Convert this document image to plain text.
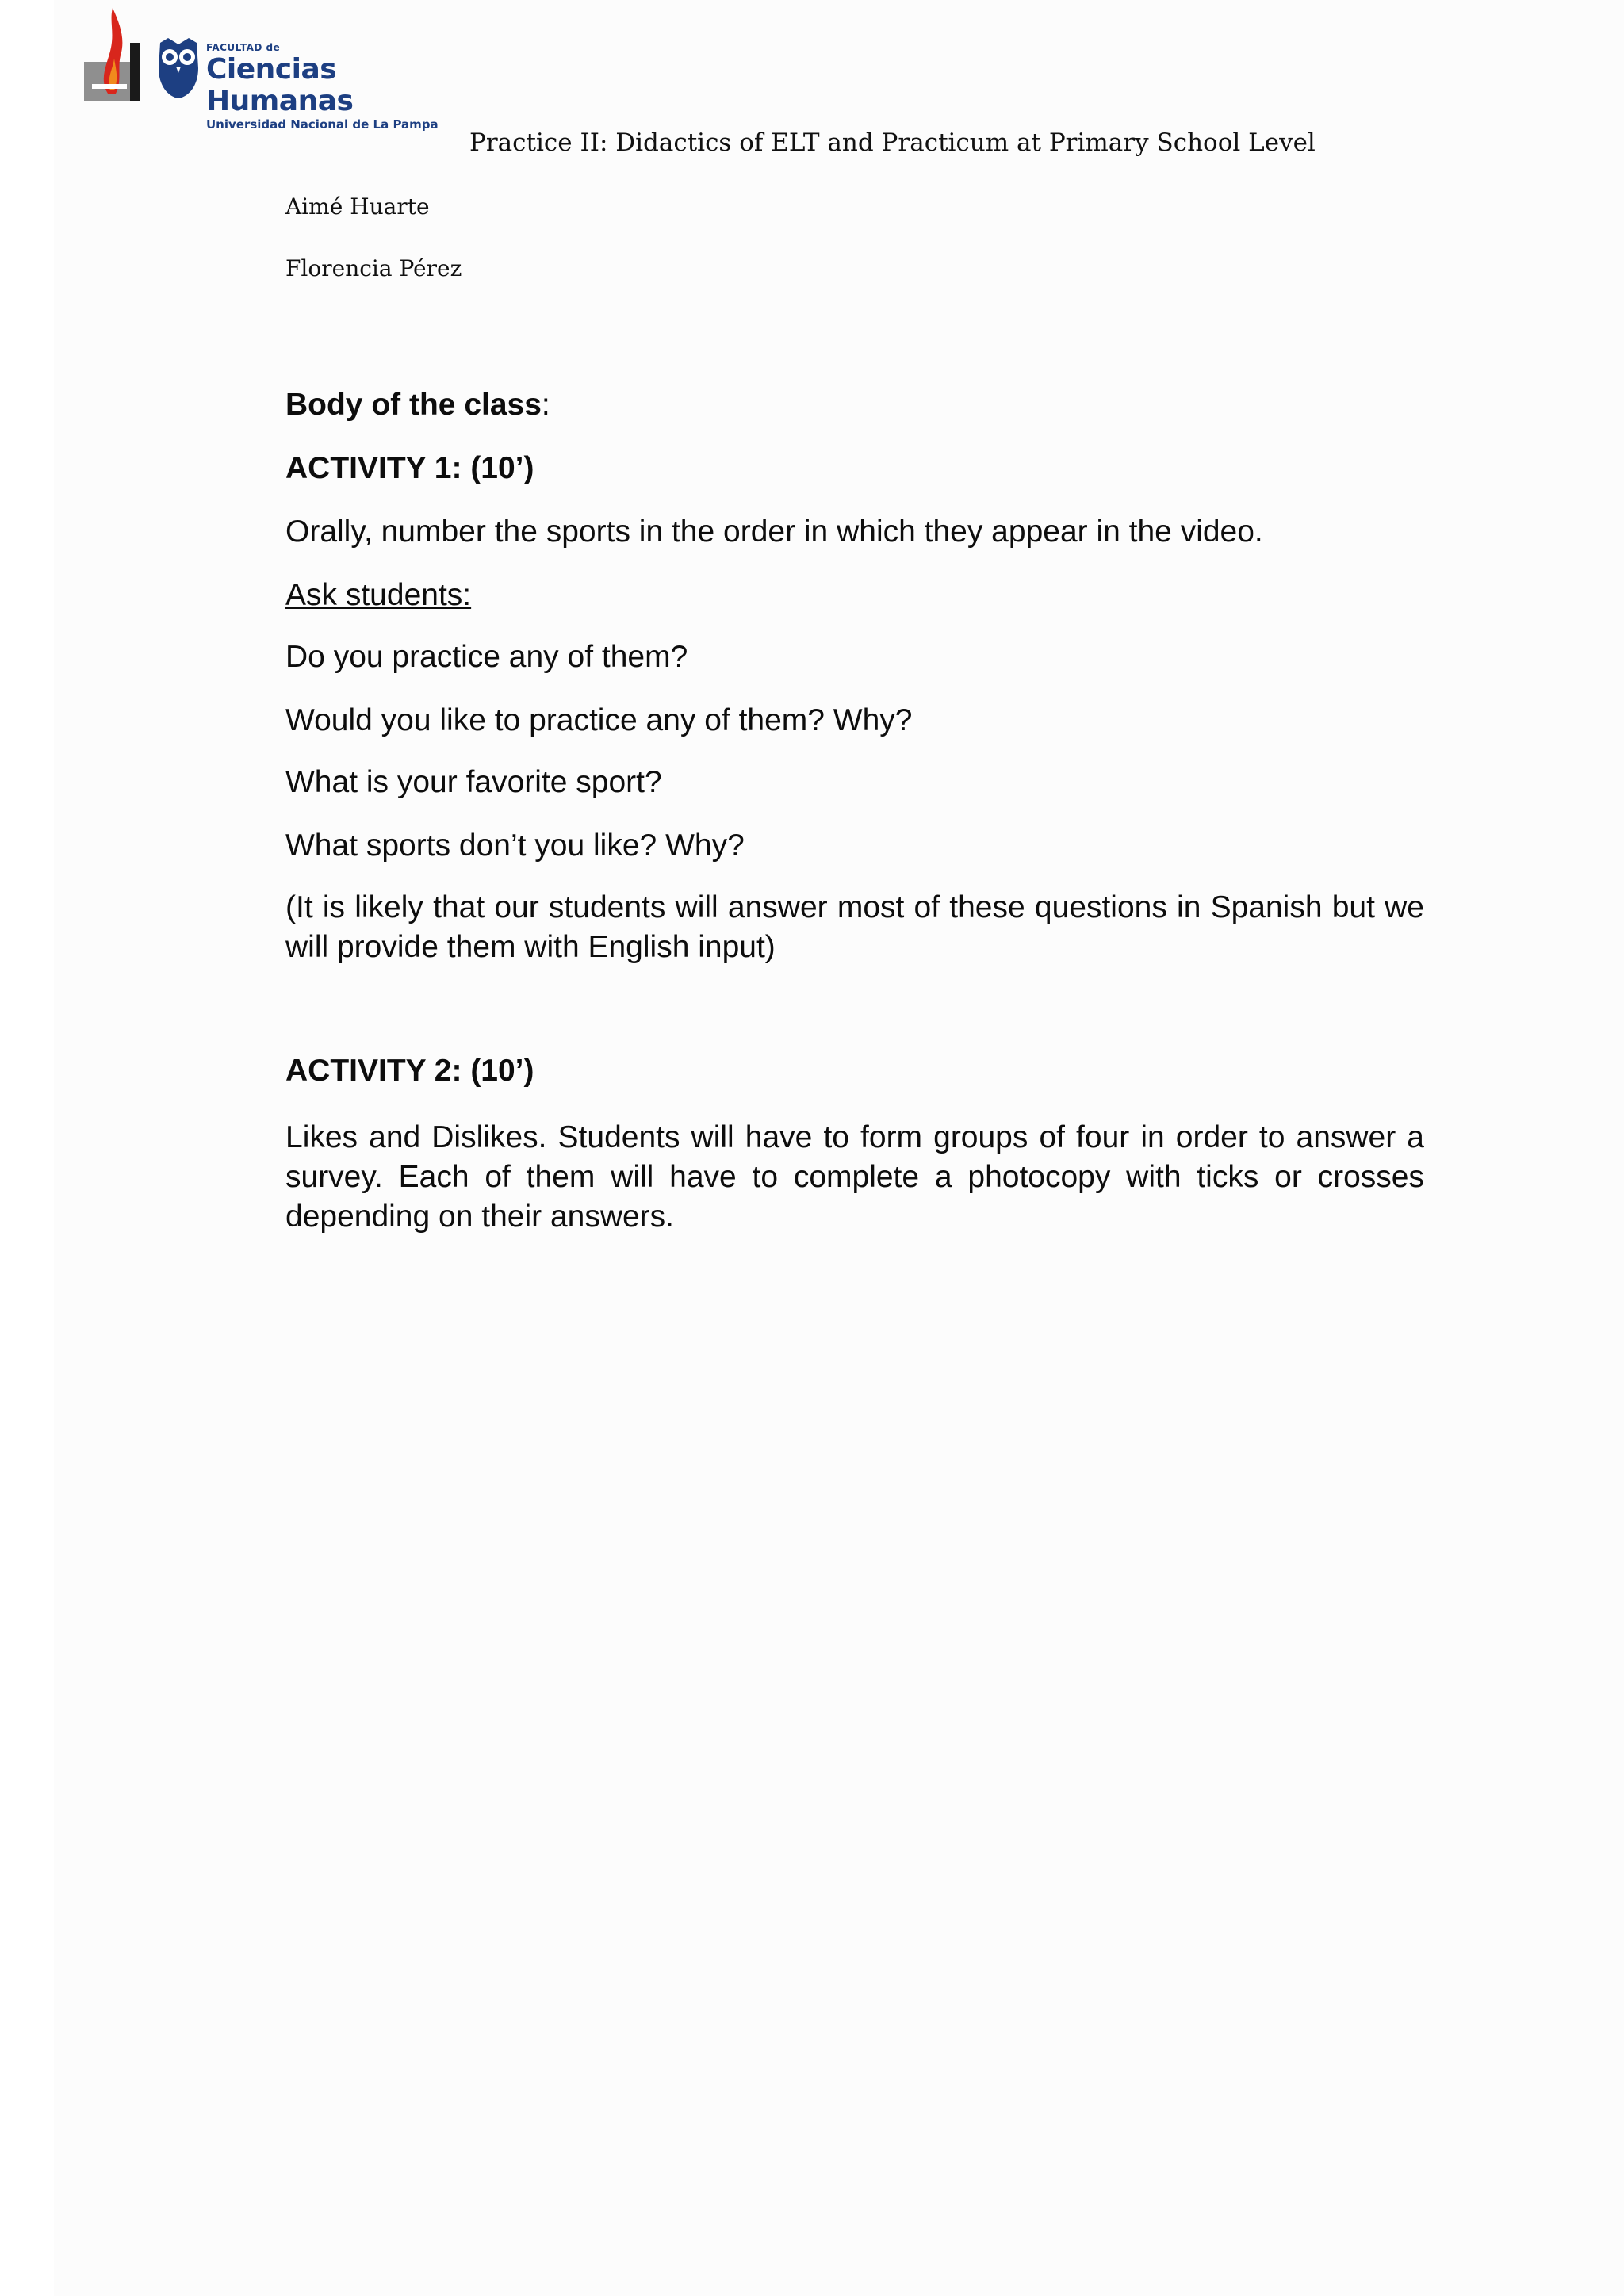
FACULTAD de
Ciencias Humanas
Universidad Nacional de La Pampa
Practice II: Didactics of ELT and Practicum at Primary School Level
Aimé Huarte
Florencia Pérez
Body of the class:
ACTIVITY 1: (10’)
Orally, number the sports in the order in which they appear in the video.
Ask students:
Do you practice any of them?
Would you like to practice any of them? Why?
What is your favorite sport?
What sports don’t you like? Why?
(It is likely that our students will answer most of these questions in Spanish but we will provide them with English input)
ACTIVITY 2: (10’)
Likes and Dislikes. Students will have to form groups of four in order to answer a survey. Each of them will have to complete a photocopy with ticks or crosses depending on their answers.
